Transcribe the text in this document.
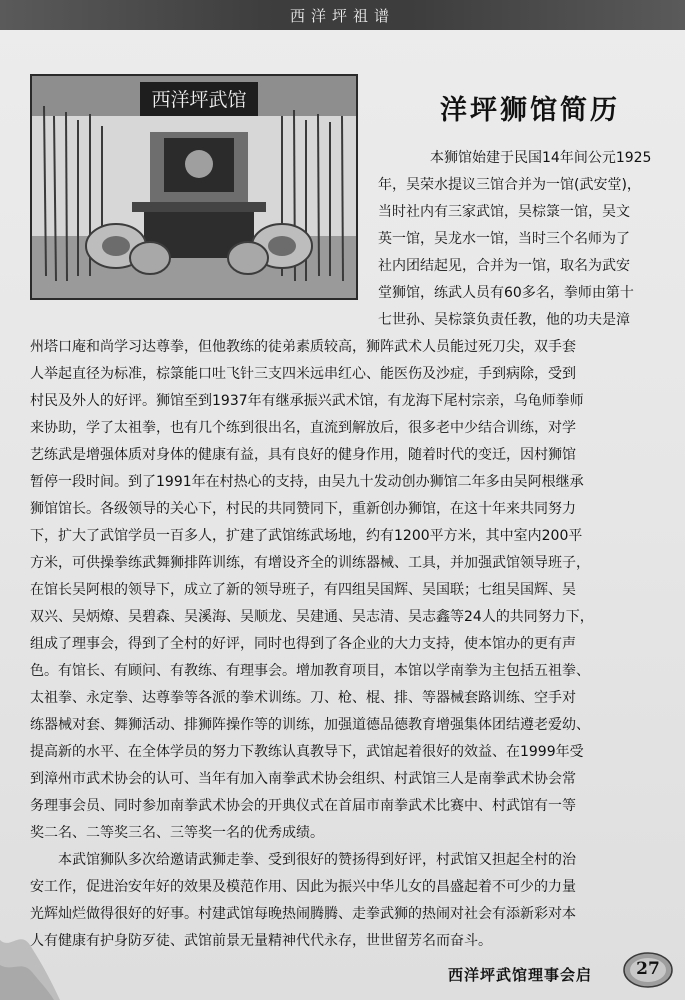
西洋坪祖谱
西洋坪武馆	洋坪狮馆简历
本狮馆始建于民国14年间公元1925
年，吴荣水提议三馆合并为一馆(武安堂)，
当时社内有三家武馆，吴棕箓一馆，吴文
英一馆，吴龙水一馆，当时三个名师为了
社内团结起见，合并为一馆，取名为武安
堂狮馆，练武人员有60多名，拳师由第十
七世孙、吴棕箓负责任教，他的功夫是漳
州塔口庵和尚学习达尊拳，但他教练的徒弟素质较高，狮阵武术人员能过死刀尖，双手套
人举起直径为标准，棕箓能口吐飞针三支四米远串红心、能医伤及沙症，手到病除，受到
村民及外人的好评。狮馆至到1937年有继承振兴武术馆，有龙海下尾村宗亲，乌龟师拳师
来协助，学了太祖拳，也有几个练到很出名，直流到解放后，很多老中少结合训练，对学
艺练武是增强体质对身体的健康有益，具有良好的健身作用，随着时代的变迁，因村狮馆
暂停一段时间。到了1991年在村热心的支持，由吴九十发动创办狮馆二年多由吴阿根继承
狮馆馆长。各级领导的关心下，村民的共同赞同下，重新创办狮馆，在这十年来共同努力
下，扩大了武馆学员一百多人，扩建了武馆练武场地，约有1200平方米，其中室内200平
方米，可供操拳练武舞狮排阵训练，有增设齐全的训练器械、工具，并加强武馆领导班子，
在馆长吴阿根的领导下，成立了新的领导班子，有四组吴国辉、吴国联；七组吴国辉、吴
双兴、吴炳燎、吴碧森、吴溪海、吴顺龙、吴建通、吴志清、吴志鑫等24人的共同努力下，
组成了理事会，得到了全村的好评，同时也得到了各企业的大力支持，使本馆办的更有声
色。有馆长、有顾问、有教练、有理事会。增加教育项目，本馆以学南拳为主包括五祖拳、
太祖拳、永定拳、达尊拳等各派的拳术训练。刀、枪、棍、排、等器械套路训练、空手对
练器械对套、舞狮活动、排狮阵操作等的训练，加强道德品德教育增强集体团结遵老爱幼、
提高新的水平、在全体学员的努力下教练认真教导下，武馆起着很好的效益、在1999年受
到漳州市武术协会的认可、当年有加入南拳武术协会组织、村武馆三人是南拳武术协会常
务理事会员、同时参加南拳武术协会的开典仪式在首届市南拳武术比赛中、村武馆有一等
奖二名、二等奖三名、三等奖一名的优秀成绩。
　　本武馆狮队多次给邀请武狮走拳、受到很好的赞扬得到好评，村武馆又担起全村的治
安工作，促进治安年好的效果及模范作用、因此为振兴中华儿女的昌盛起着不可少的力量
光辉灿烂做得很好的好事。村建武馆每晚热闹腾腾、走拳武狮的热闹对社会有添新彩对本
人有健康有护身防歹徒、武馆前景无量精神代代永存，世世留芳名而奋斗。
西洋坪武馆理事会启	27
